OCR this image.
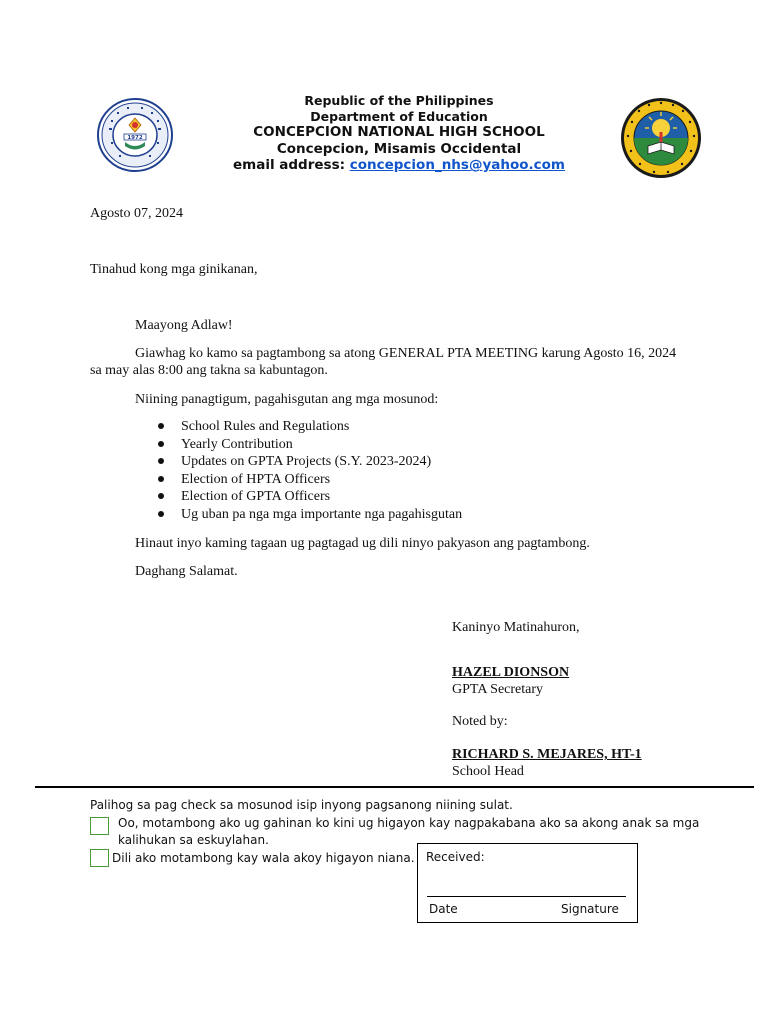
1972
Republic of the Philippines
Department of Education
CONCEPCION NATIONAL HIGH SCHOOL
Concepcion, Misamis Occidental
email address: concepcion_nhs@yahoo.com
Agosto 07, 2024
Tinahud kong mga ginikanan,
Maayong Adlaw!
Giawhag ko kamo sa pagtambong sa atong GENERAL PTA MEETING karung Agosto 16, 2024
sa may alas 8:00 ang takna sa kabuntagon.
Niining panagtigum, pagahisgutan ang mga mosunod:
School Rules and Regulations
Yearly Contribution
Updates on GPTA Projects (S.Y. 2023-2024)
Election of HPTA Officers
Election of GPTA Officers
Ug uban pa nga mga importante nga pagahisgutan
Hinaut inyo kaming tagaan ug pagtagad ug dili ninyo pakyason ang pagtambong.
Daghang Salamat.
Kaninyo Matinahuron,
HAZEL DIONSON
GPTA Secretary
Noted by:
RICHARD S. MEJARES, HT-1
School Head
Palihog sa pag check sa mosunod isip inyong pagsanong niining sulat.
Oo, motambong ako ug gahinan ko kini ug higayon kay nagpakabana ako sa akong anak sa mga
kalihukan sa eskuylahan.
Dili ako motambong kay wala akoy higayon niana. Received:
Date	Signature
